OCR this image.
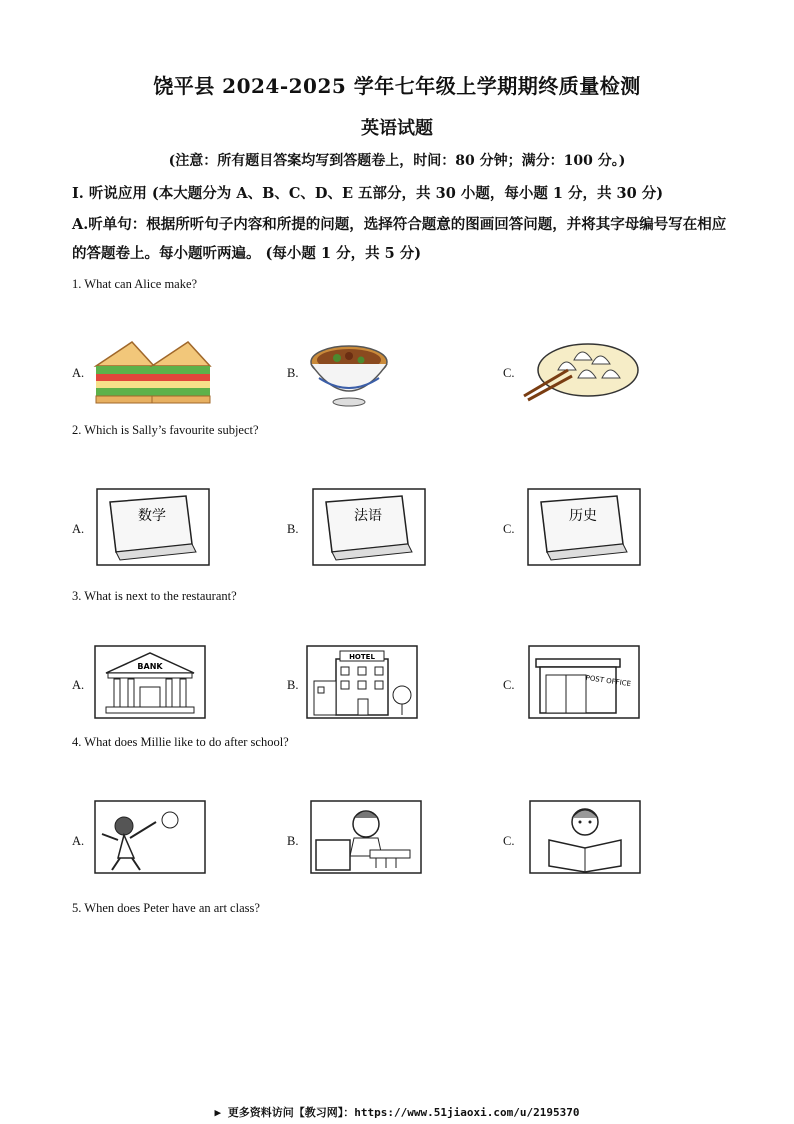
饶平县 2024-2025 学年七年级上学期期终质量检测
英语试题
(注意：所有题目答案均写到答题卷上，时间：80 分钟；满分：100 分。)
I. 听说应用 (本大题分为 A、B、C、D、E 五部分，共 30 小题，每小题 1 分，共 30 分)
A.听单句：根据所听句子内容和所提的问题，选择符合题意的图画回答问题，并将其字母编号写在相应的答题卷上。每小题听两遍。 (每小题 1 分，共 5 分)
1. What can Alice make?
A.	B.	C.
2. Which is Sally’s favourite subject?
A.	B.	C.
数学	法语	历史
3. What is next to the restaurant?
A.	B.	C.
BANK
HOTEL
POST OFFICE
4. What does Millie like to do after school?
A.	B.	C.
5. When does Peter have an art class?
▶ 更多资料访问【教习网】：https://www.51jiaoxi.com/u/2195370
